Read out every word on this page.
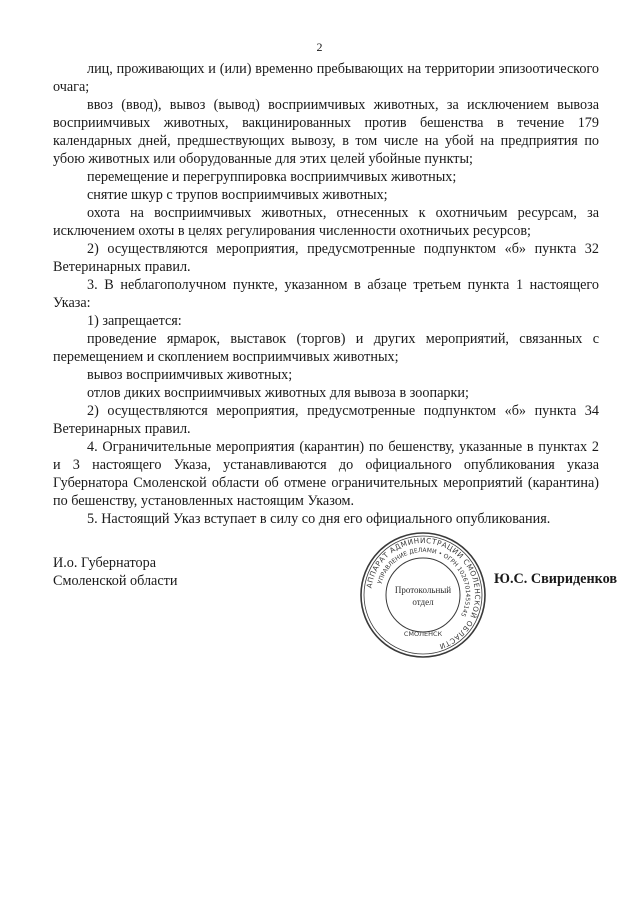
2

лиц, проживающих и (или) временно пребывающих на территории эпизоотического очага;

ввоз (ввод), вывоз (вывод) восприимчивых животных, за исключением вывоза восприимчивых животных, вакцинированных против бешенства в течение 179 календарных дней, предшествующих вывозу, в том числе на убой на предприятия по убою животных или оборудованные для этих целей убойные пункты;

перемещение и перегруппировка восприимчивых животных;

снятие шкур с трупов восприимчивых животных;

охота на восприимчивых животных, отнесенных к охотничьим ресурсам, за исключением охоты в целях регулирования численности охотничьих ресурсов;

2) осуществляются мероприятия, предусмотренные подпунктом «б» пункта 32 Ветеринарных правил.

3. В неблагополучном пункте, указанном в абзаце третьем пункта 1 настоящего Указа:

1) запрещается:

проведение ярмарок, выставок (торгов) и других мероприятий, связанных с перемещением и скоплением восприимчивых животных;

вывоз восприимчивых животных;

отлов диких восприимчивых животных для вывоза в зоопарки;

2) осуществляются мероприятия, предусмотренные подпунктом «б» пункта 34 Ветеринарных правил.

4. Ограничительные мероприятия (карантин) по бешенству, указанные в пунктах 2 и 3 настоящего Указа, устанавливаются до официального опубликования указа Губернатора Смоленской области об отмене ограничительных мероприятий (карантина) по бешенству, установленных настоящим Указом.

5. Настоящий Указ вступает в силу со дня его официального опубликования.

И.о. Губернатора
Смоленской области	АППАРАТ АДМИНИСТРАЦИИ СМОЛЕНСКОЙ ОБЛАСТИ
УПРАВЛЕНИЕ ДЕЛАМИ • ОГРН 1026701455145
СМОЛЕНСК
Протокольный
отдел
Ю.С. Свириденков
